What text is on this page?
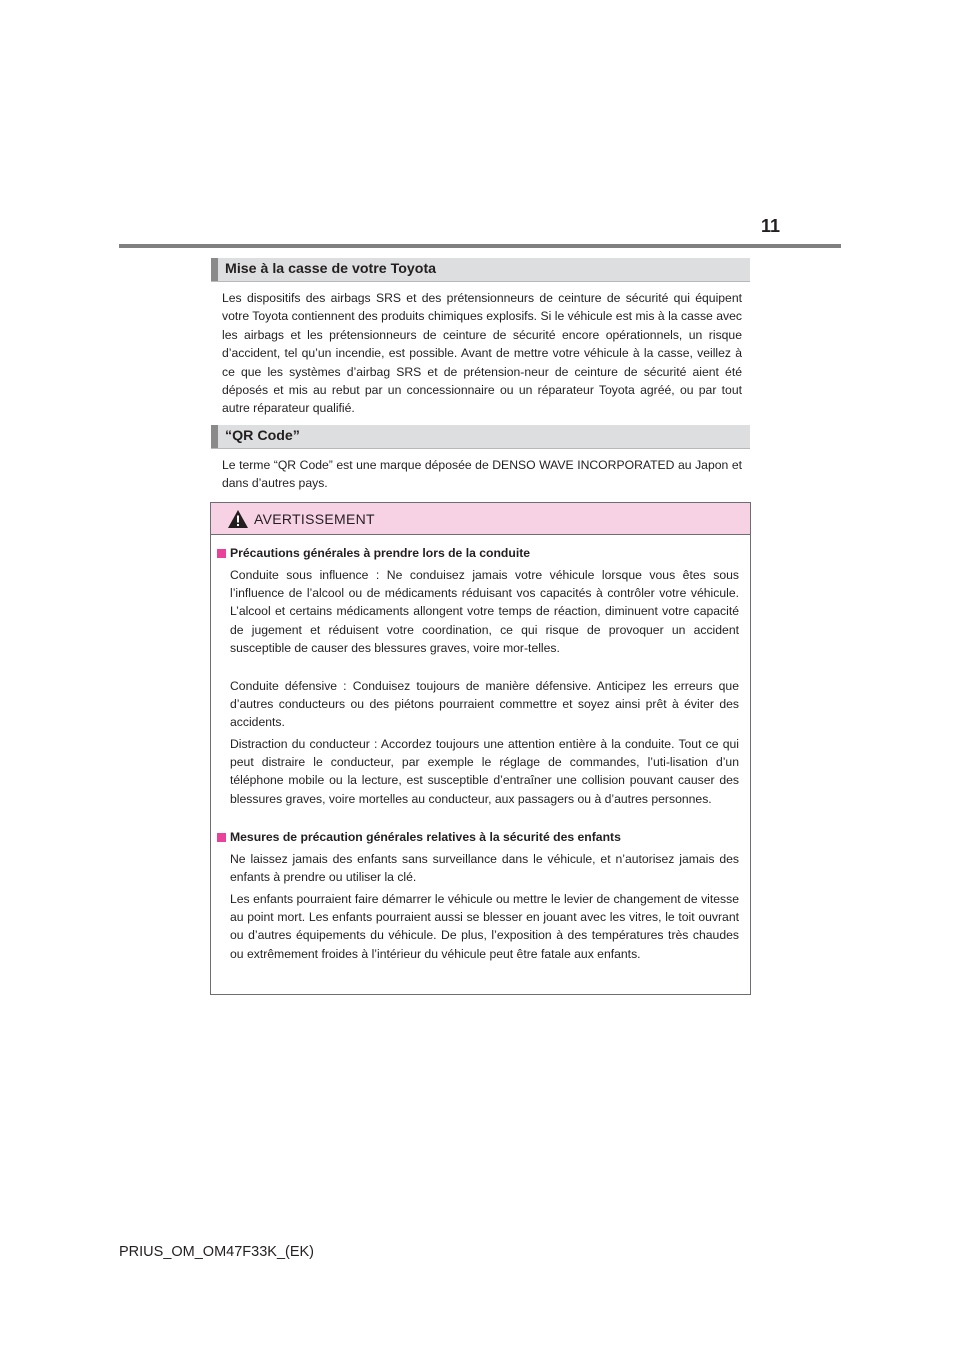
11
Mise à la casse de votre Toyota
Les dispositifs des airbags SRS et des prétensionneurs de ceinture de sécurité qui équipent votre Toyota contiennent des produits chimiques explosifs. Si le véhicule est mis à la casse avec les airbags et les prétensionneurs de ceinture de sécurité encore opérationnels, un risque d’accident, tel qu’un incendie, est possible. Avant de mettre votre véhicule à la casse, veillez à ce que les systèmes d’airbag SRS et de prétension-neur de ceinture de sécurité aient été déposés et mis au rebut par un concessionnaire ou un réparateur Toyota agréé, ou par tout autre réparateur qualifié.
“QR Code”
Le terme “QR Code” est une marque déposée de DENSO WAVE INCORPORATED au Japon et dans d’autres pays.
AVERTISSEMENT
Précautions générales à prendre lors de la conduite
Conduite sous influence : Ne conduisez jamais votre véhicule lorsque vous êtes sous l’influence de l’alcool ou de médicaments réduisant vos capacités à contrôler votre véhicule. L’alcool et certains médicaments allongent votre temps de réaction, diminuent votre capacité de jugement et réduisent votre coordination, ce qui risque de provoquer un accident susceptible de causer des blessures graves, voire mor-telles.
Conduite défensive : Conduisez toujours de manière défensive. Anticipez les erreurs que d’autres conducteurs ou des piétons pourraient commettre et soyez ainsi prêt à éviter des accidents.
Distraction du conducteur : Accordez toujours une attention entière à la conduite. Tout ce qui peut distraire le conducteur, par exemple le réglage de commandes, l’uti-lisation d’un téléphone mobile ou la lecture, est susceptible d’entraîner une collision pouvant causer des blessures graves, voire mortelles au conducteur, aux passagers ou à d’autres personnes.
Mesures de précaution générales relatives à la sécurité des enfants
Ne laissez jamais des enfants sans surveillance dans le véhicule, et n’autorisez jamais des enfants à prendre ou utiliser la clé.
Les enfants pourraient faire démarrer le véhicule ou mettre le levier de changement de vitesse au point mort. Les enfants pourraient aussi se blesser en jouant avec les vitres, le toit ouvrant ou d’autres équipements du véhicule. De plus, l’exposition à des températures très chaudes ou extrêmement froides à l’intérieur du véhicule peut être fatale aux enfants.
PRIUS_OM_OM47F33K_(EK)
